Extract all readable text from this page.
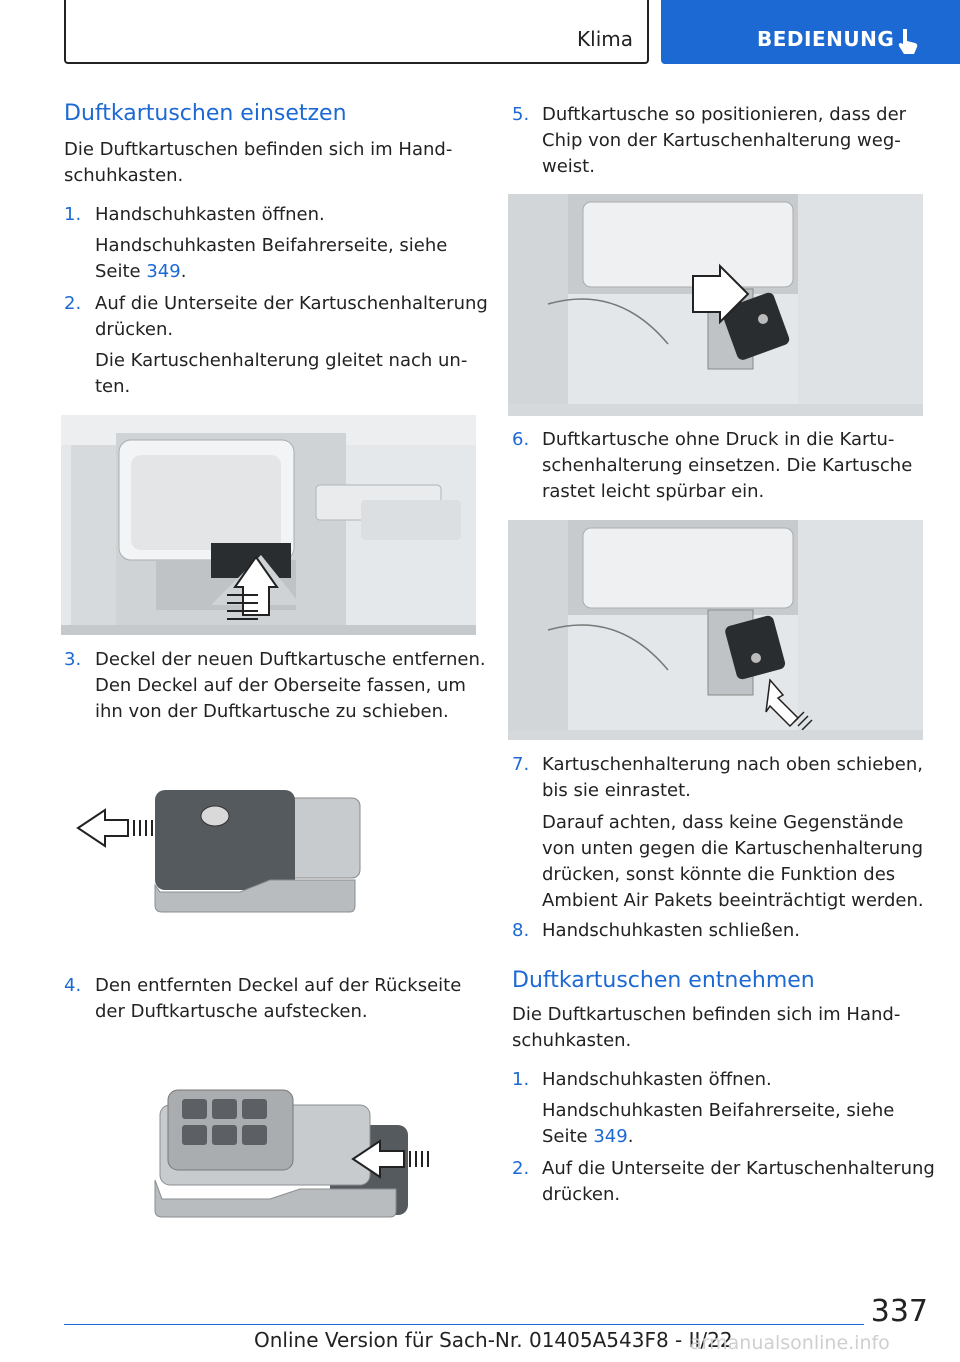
Klima	BEDIENUNG
Duftkartuschen einsetzen

Die Duftkartuschen befinden sich im Hand-

schuhkasten.

1. Handschuhkasten öffnen.

Handschuhkasten Beifahrerseite, siehe

Seite 349.

2. Auf die Unterseite der Kartuschenhalterung

drücken.

Die Kartuschenhalterung gleitet nach un-

ten.

3. Deckel der neuen Duftkartusche entfernen.

Den Deckel auf der Oberseite fassen, um

ihn von der Duftkartusche zu schieben.

4. Den entfernten Deckel auf der Rückseite

der Duftkartusche aufstecken.

5. Duftkartusche so positionieren, dass der

Chip von der Kartuschenhalterung weg-

weist.

6. Duftkartusche ohne Druck in die Kartu-

schenhalterung einsetzen. Die Kartusche

rastet leicht spürbar ein.

7. Kartuschenhalterung nach oben schieben,

bis sie einrastet.

Darauf achten, dass keine Gegenstände

von unten gegen die Kartuschenhalterung

drücken, sonst könnte die Funktion des

Ambient Air Pakets beeinträchtigt werden.

8. Handschuhkasten schließen.

Duftkartuschen entnehmen

Die Duftkartuschen befinden sich im Hand-

schuhkasten.

1. Handschuhkasten öffnen.

Handschuhkasten Beifahrerseite, siehe

Seite 349.

2. Auf die Unterseite der Kartuschenhalterung

drücken.

337
Online Version für Sach-Nr. 01405A543F8 - II/22
armanualsonline.info
